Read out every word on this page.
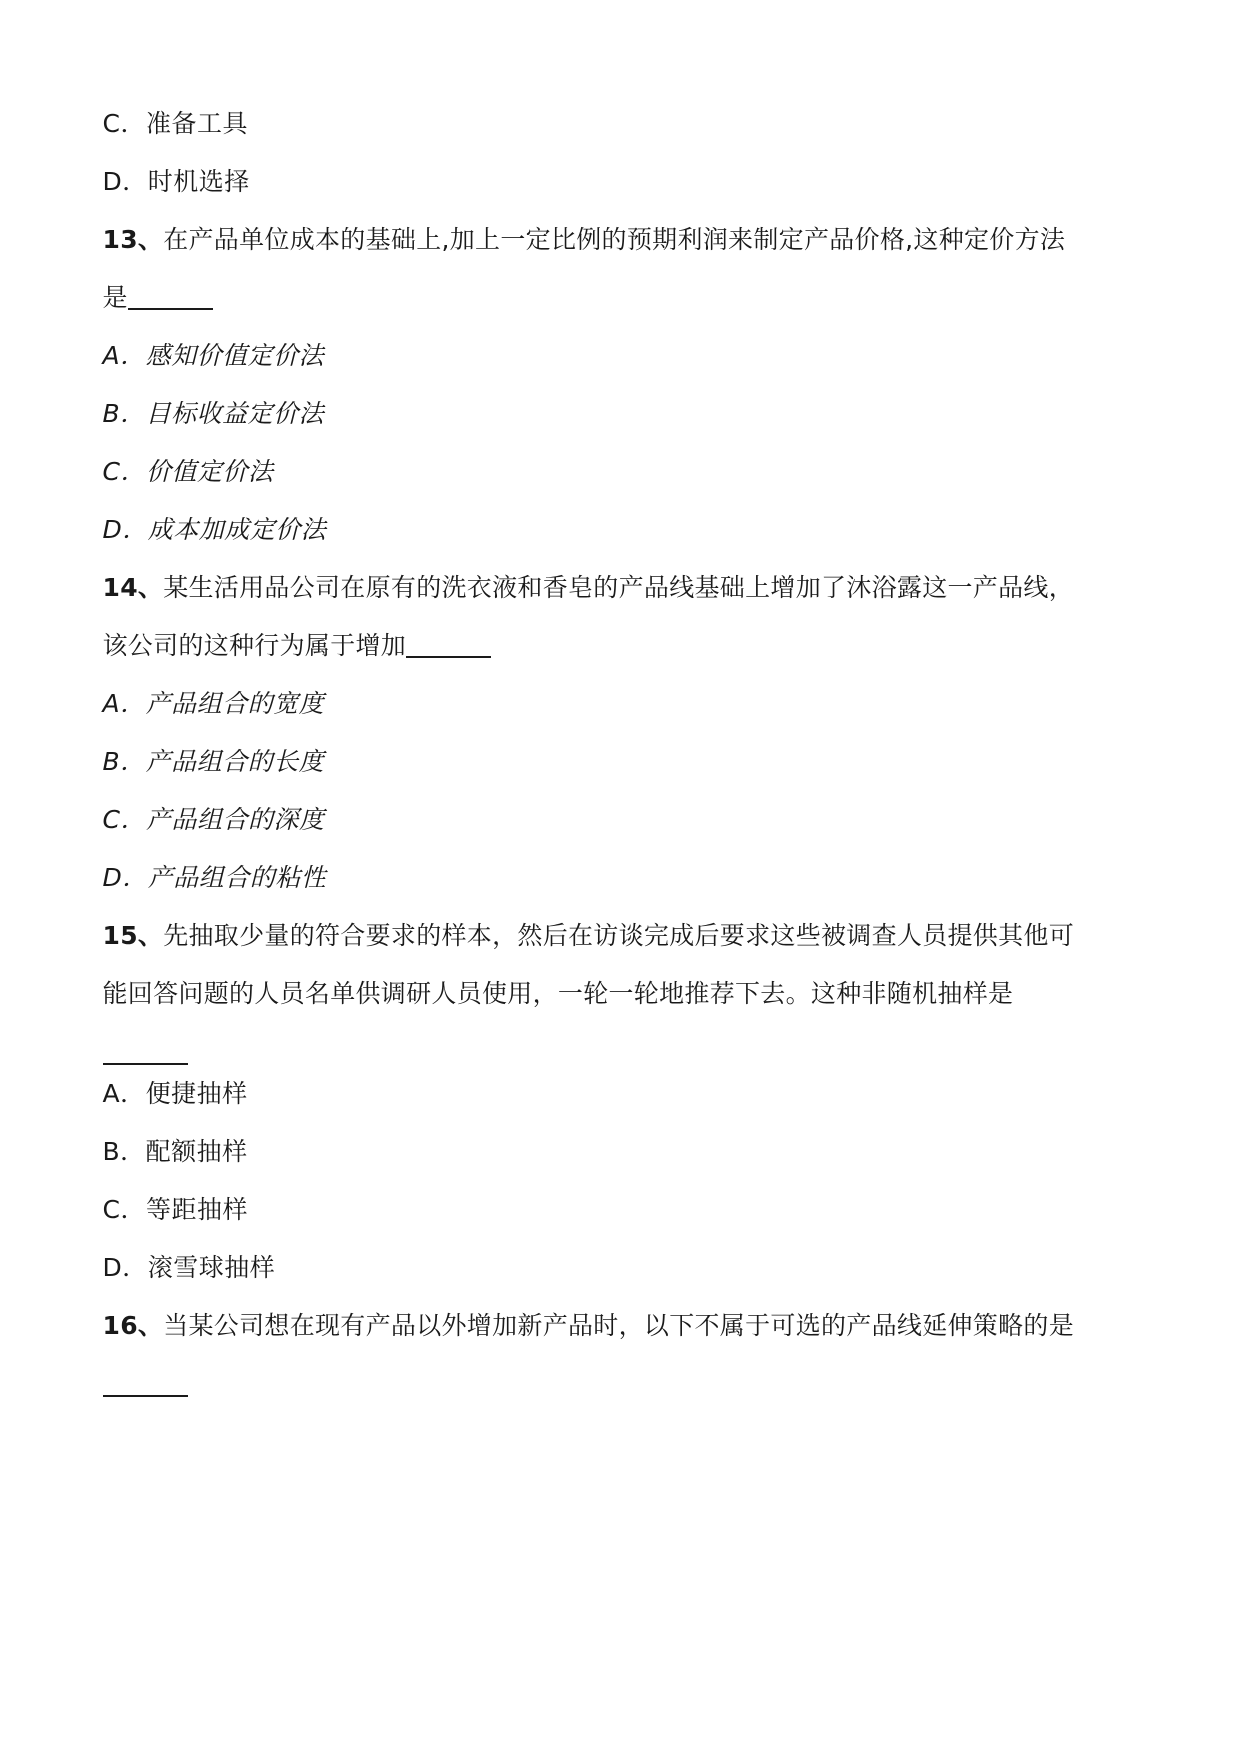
C．准备工具
D．时机选择
13、在产品单位成本的基础上,加上一定比例的预期利润来制定产品价格,这种定价方法
是
A．感知价值定价法
B．目标收益定价法
C．价值定价法
D．成本加成定价法
14、某生活用品公司在原有的洗衣液和香皂的产品线基础上增加了沐浴露这一产品线，
该公司的这种行为属于增加
A．产品组合的宽度
B．产品组合的长度
C．产品组合的深度
D．产品组合的粘性
15、先抽取少量的符合要求的样本，然后在访谈完成后要求这些被调查人员提供其他可
能回答问题的人员名单供调研人员使用，一轮一轮地推荐下去。这种非随机抽样是
A．便捷抽样
B．配额抽样
C．等距抽样
D．滚雪球抽样
16、当某公司想在现有产品以外增加新产品时，以下不属于可选的产品线延伸策略的是
